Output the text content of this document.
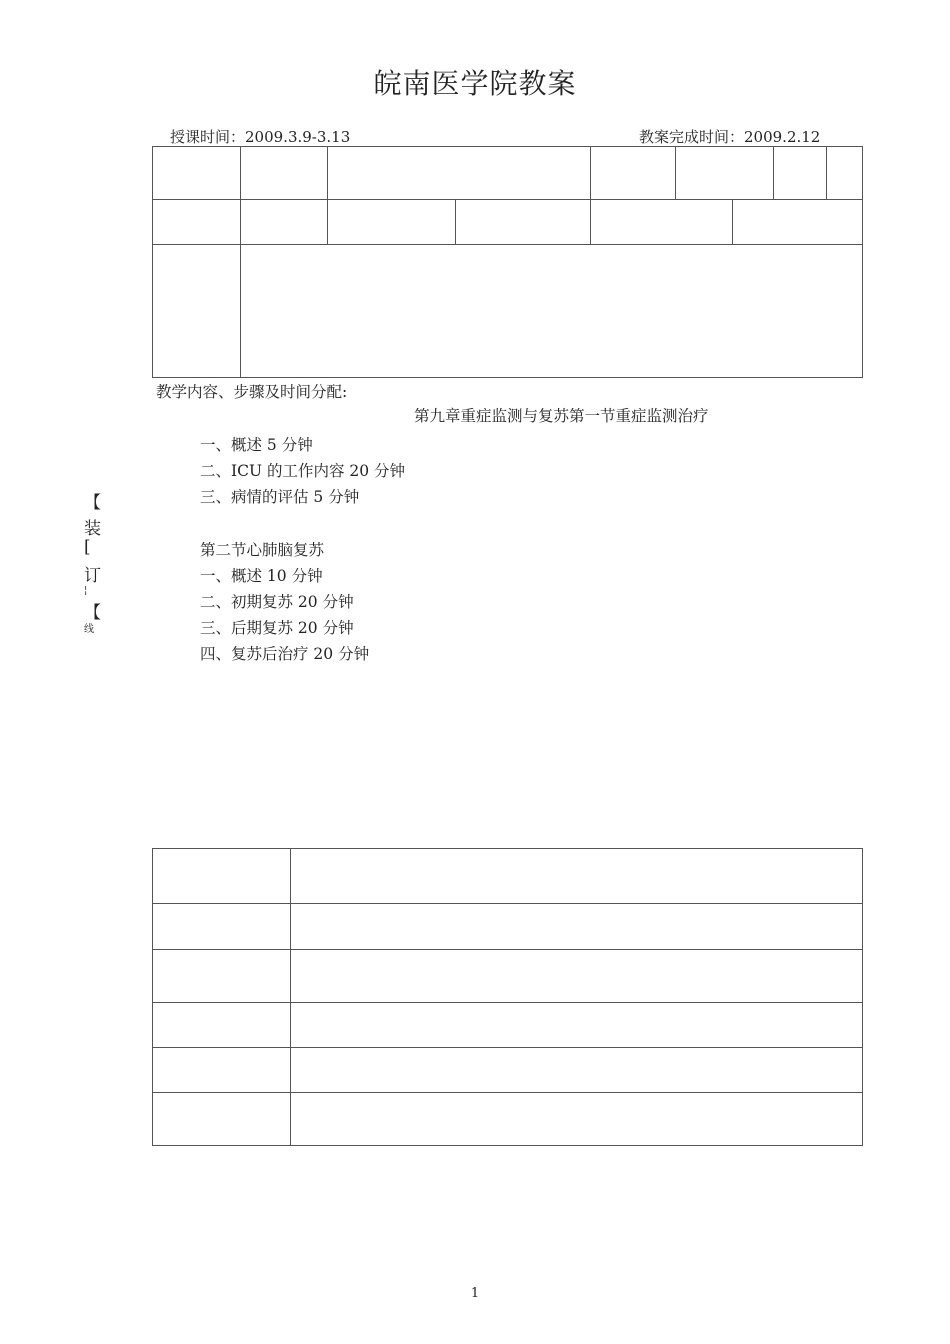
皖南医学院教案
授课时间：2009.3.9-3.13	教案完成时间：2009.2.12
教学内容、步骤及时间分配:
第九章重症监测与复苏第一节重症监测治疗
一、概述 5 分钟
二、ICU 的工作内容 20 分钟
三、病情的评估 5 分钟
第二节心肺脑复苏
一、概述 10 分钟
二、初期复苏 20 分钟
三、后期复苏 20 分钟
四、复苏后治疗 20 分钟
【
装
[
订
¦
【
线
1
